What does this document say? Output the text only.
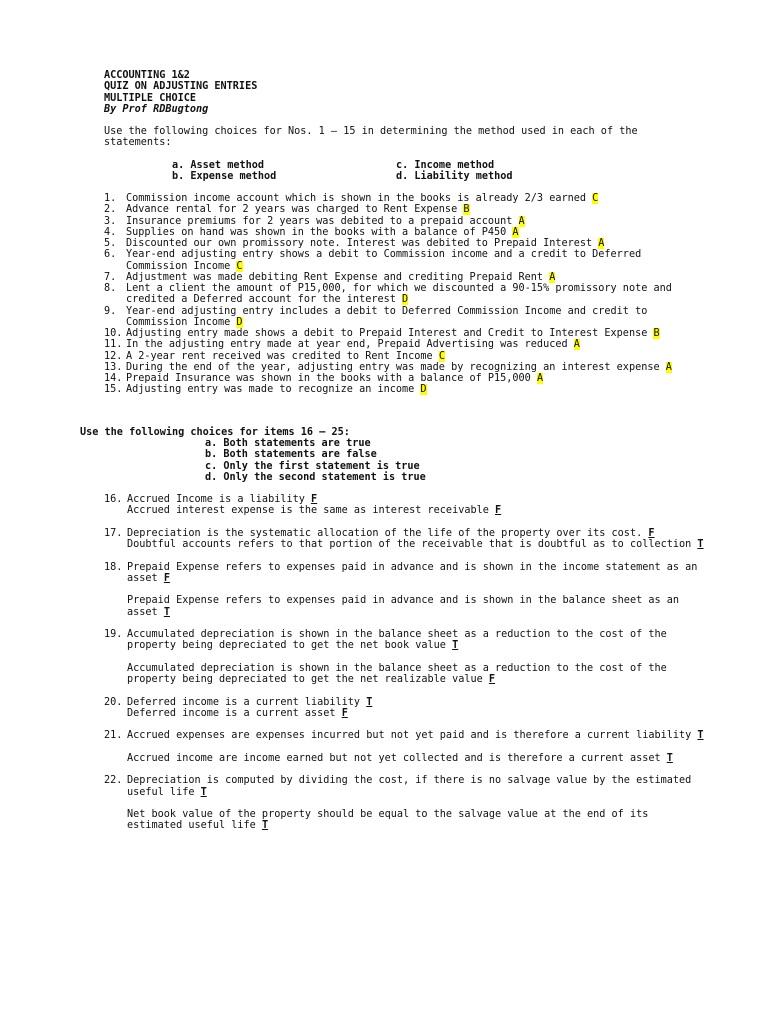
ACCOUNTING 1&2
QUIZ ON ADJUSTING ENTRIES
MULTIPLE CHOICE
By Prof RDBugtong
Use the following choices for Nos. 1 – 15 in determining the method used in each of the statements:
a. Asset method	c. Income method
b. Expense method	d. Liability method
1. Commission income account which is shown in the books is already 2/3 earned C
2. Advance rental for 2 years was charged to Rent Expense B
3. Insurance premiums for 2 years was debited to a prepaid account A
4. Supplies on hand was shown in the books with a balance of P450 A
5. Discounted our own promissory note. Interest was debited to Prepaid Interest A
6. Year-end adjusting entry shows a debit to Commission income and a credit to Deferred Commission Income C
7. Adjustment was made debiting Rent Expense and crediting Prepaid Rent A
8. Lent a client the amount of P15,000, for which we discounted a 90-15% promissory note and credited a Deferred account for the interest D
9. Year-end adjusting entry includes a debit to Deferred Commission Income and credit to Commission Income D
10. Adjusting entry made shows a debit to Prepaid Interest and Credit to Interest Expense B
11. In the adjusting entry made at year end, Prepaid Advertising was reduced A
12. A 2-year rent received was credited to Rent Income C
13. During the end of the year, adjusting entry was made by recognizing an interest expense A
14. Prepaid Insurance was shown in the books with a balance of P15,000 A
15. Adjusting entry was made to recognize an income D
Use the following choices for items 16 – 25:
a. Both statements are true
b. Both statements are false
c. Only the first statement is true
d. Only the second statement is true
16. Accrued Income is a liability F
Accrued interest expense is the same as interest receivable F
17. Depreciation is the systematic allocation of the life of the property over its cost. F
Doubtful accounts refers to that portion of the receivable that is doubtful as to collection T
18. Prepaid Expense refers to expenses paid in advance and is shown in the income statement as an asset F
Prepaid Expense refers to expenses paid in advance and is shown in the balance sheet as an asset T
19. Accumulated depreciation is shown in the balance sheet as a reduction to the cost of the property being depreciated to get the net book value T
Accumulated depreciation is shown in the balance sheet as a reduction to the cost of the property being depreciated to get the net realizable value F
20. Deferred income is a current liability T
Deferred income is a current asset F
21. Accrued expenses are expenses incurred but not yet paid and is therefore a current liability T
Accrued income are income earned but not yet collected and is therefore a current asset T
22. Depreciation is computed by dividing the cost, if there is no salvage value by the estimated useful life T
Net book value of the property should be equal to the salvage value at the end of its estimated useful life T
